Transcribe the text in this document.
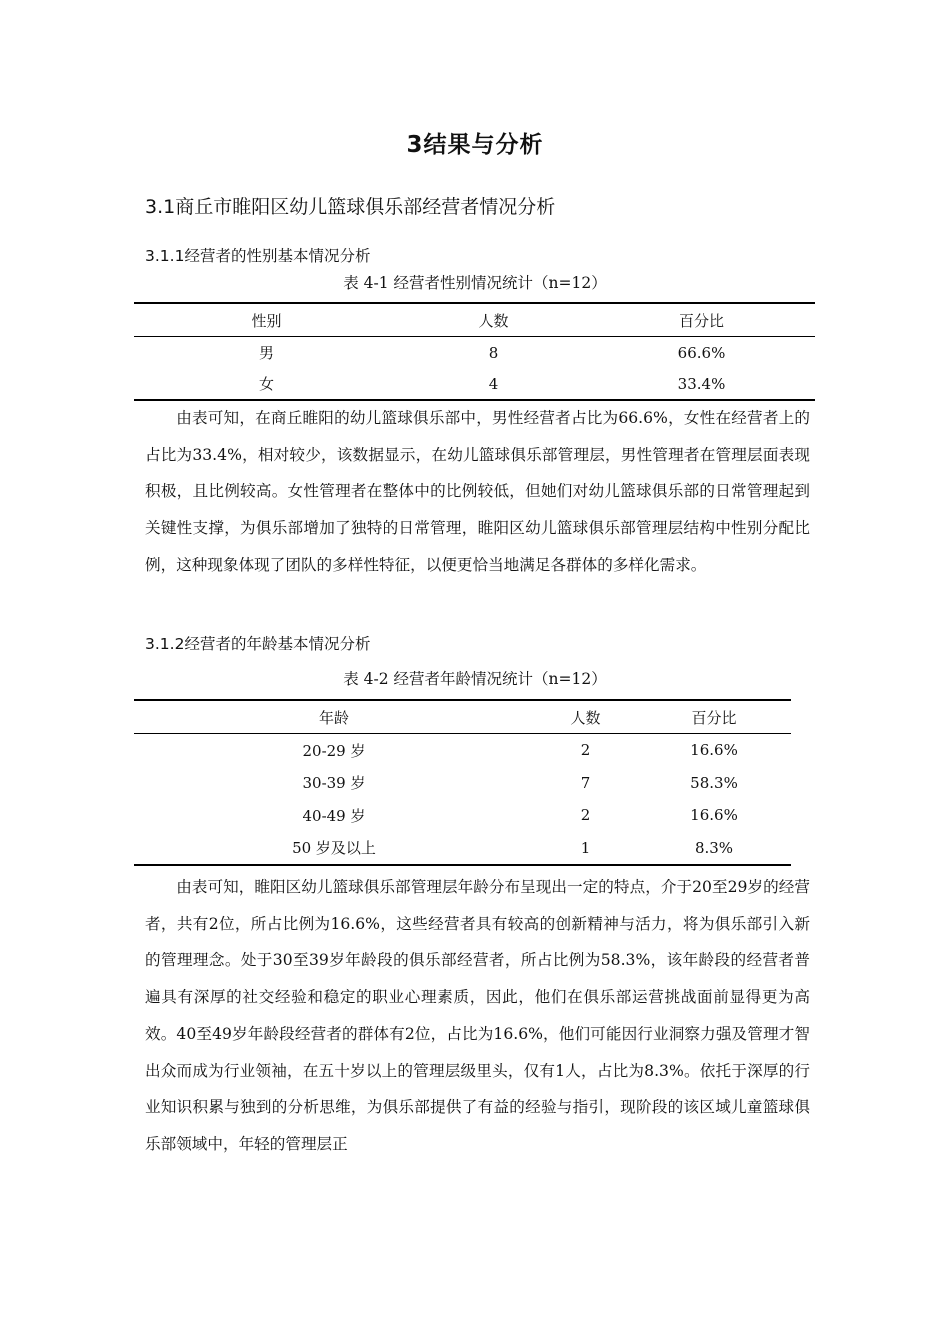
3结果与分析
3.1商丘市睢阳区幼儿篮球俱乐部经营者情况分析
3.1.1经营者的性别基本情况分析
表 4-1 经营者性别情况统计（n=12）
性别	人数	百分比
男	8	66.6%
女	4	33.4%

由表可知，在商丘睢阳的幼儿篮球俱乐部中，男性经营者占比为66.6%，女性在经营者上的占比为33.4%，相对较少，该数据显示，在幼儿篮球俱乐部管理层，男性管理者在管理层面表现积极，且比例较高。女性管理者在整体中的比例较低，但她们对幼儿篮球俱乐部的日常管理起到关键性支撑，为俱乐部增加了独特的日常管理，睢阳区幼儿篮球俱乐部管理层结构中性别分配比例，这种现象体现了团队的多样性特征，以便更恰当地满足各群体的多样化需求。

3.1.2经营者的年龄基本情况分析
表 4-2 经营者年龄情况统计（n=12）
年龄	人数	百分比
20-29 岁	2	16.6%
30-39 岁	7	58.3%
40-49 岁	2	16.6%
50 岁及以上	1	8.3%

由表可知，睢阳区幼儿篮球俱乐部管理层年龄分布呈现出一定的特点，介于20至29岁的经营者，共有2位，所占比例为16.6%，这些经营者具有较高的创新精神与活力，将为俱乐部引入新的管理理念。处于30至39岁年龄段的俱乐部经营者，所占比例为58.3%，该年龄段的经营者普遍具有深厚的社交经验和稳定的职业心理素质，因此，他们在俱乐部运营挑战面前显得更为高效。40至49岁年龄段经营者的群体有2位，占比为16.6%，他们可能因行业洞察力强及管理才智出众而成为行业领袖，在五十岁以上的管理层级里头，仅有1人，占比为8.3%。依托于深厚的行业知识积累与独到的分析思维，为俱乐部提供了有益的经验与指引，现阶段的该区域儿童篮球俱乐部领域中，年轻的管理层正
